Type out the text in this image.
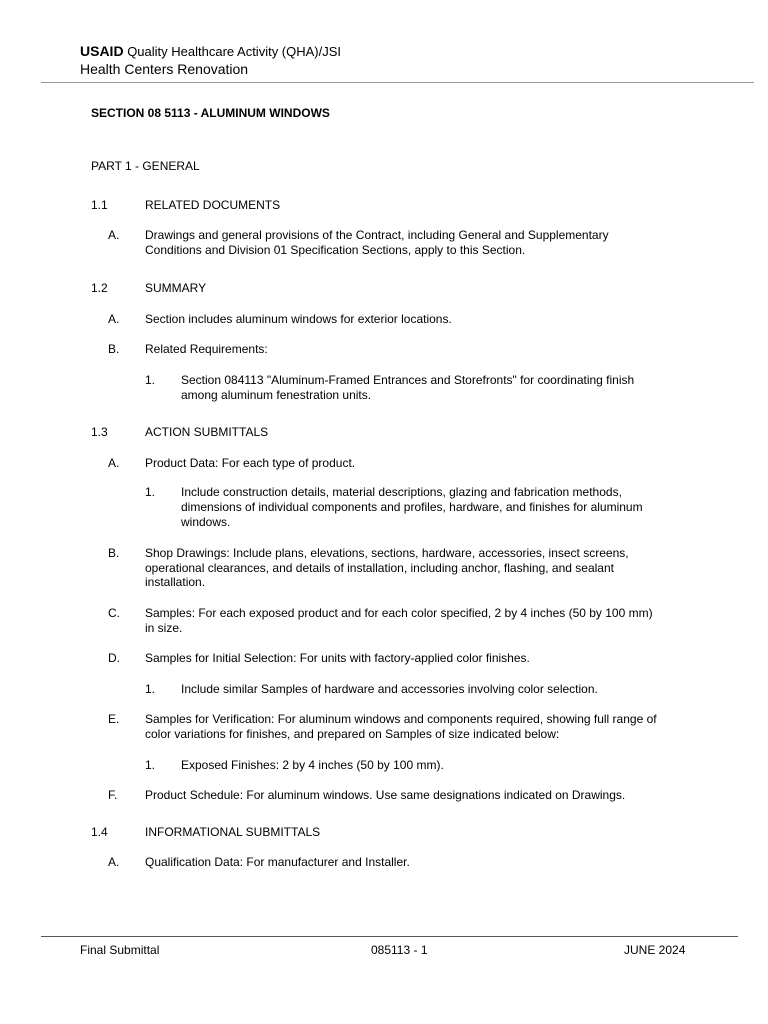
USAID Quality Healthcare Activity (QHA)/JSI
Health Centers Renovation
SECTION 08 5113 - ALUMINUM WINDOWS
PART 1 - GENERAL
1.1	RELATED DOCUMENTS
A. Drawings and general provisions of the Contract, including General and Supplementary
Conditions and Division 01 Specification Sections, apply to this Section.
1.2	SUMMARY
A. Section includes aluminum windows for exterior locations.
B. Related Requirements:
1. Section 084113 "Aluminum-Framed Entrances and Storefronts" for coordinating finish
among aluminum fenestration units.
1.3	ACTION SUBMITTALS
A. Product Data: For each type of product.
1. Include construction details, material descriptions, glazing and fabrication methods,
dimensions of individual components and profiles, hardware, and finishes for aluminum
windows.
B. Shop Drawings: Include plans, elevations, sections, hardware, accessories, insect screens,
operational clearances, and details of installation, including anchor, flashing, and sealant
installation.
C. Samples: For each exposed product and for each color specified, 2 by 4 inches (50 by 100 mm)
in size.
D. Samples for Initial Selection: For units with factory-applied color finishes.
1. Include similar Samples of hardware and accessories involving color selection.
E. Samples for Verification: For aluminum windows and components required, showing full range of
color variations for finishes, and prepared on Samples of size indicated below:
1. Exposed Finishes: 2 by 4 inches (50 by 100 mm).
F. Product Schedule: For aluminum windows. Use same designations indicated on Drawings.
1.4	INFORMATIONAL SUBMITTALS
A. Qualification Data: For manufacturer and Installer.
Final Submittal	085113 - 1	JUNE 2024
